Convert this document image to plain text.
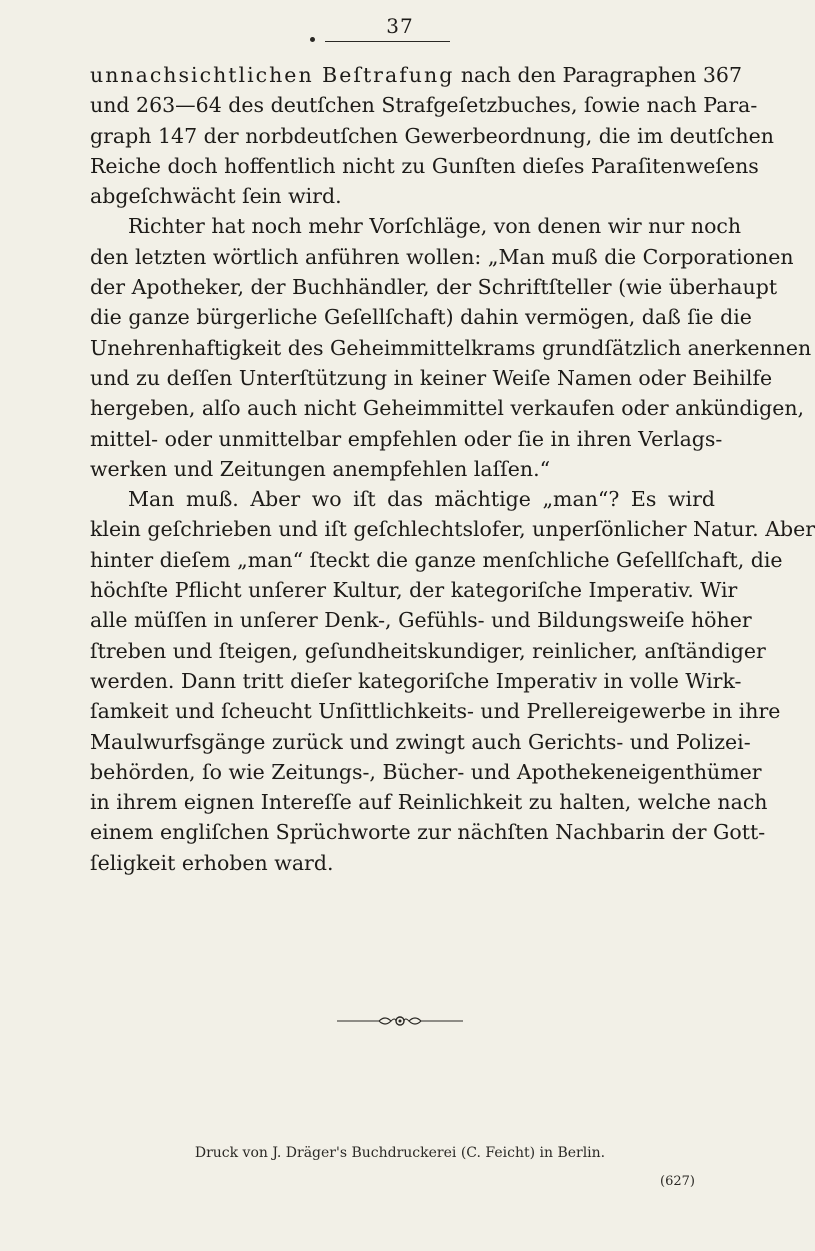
37
unnachsichtlichen Beſtrafung nach den Paragraphen 367
und 263—64 des deutſchen Strafgeſetzbuches, ſowie nach Para-
graph 147 der norbdeutſchen Gewerbeordnung, die im deutſchen
Reiche doch hoffentlich nicht zu Gunſten dieſes Paraſitenweſens
abgeſchwächt ſein wird.
Richter hat noch mehr Vorſchläge, von denen wir nur noch
den letzten wörtlich anführen wollen: „Man muß die Corporationen
der Apotheker, der Buchhändler, der Schriftſteller (wie überhaupt
die ganze bürgerliche Geſellſchaft) dahin vermögen, daß ſie die
Unehrenhaftigkeit des Geheimmittelkrams grundſätzlich anerkennen
und zu deſſen Unterſtützung in keiner Weiſe Namen oder Beihilfe
hergeben, alſo auch nicht Geheimmittel verkaufen oder ankündigen,
mittel- oder unmittelbar empfehlen oder ſie in ihren Verlags-
werken und Zeitungen anempfehlen laſſen.“
Man muß. Aber wo iſt das mächtige „man“? Es wird
klein geſchrieben und iſt geſchlechtslofer, unperſönlicher Natur. Aber
hinter dieſem „man“ ſteckt die ganze menſchliche Geſellſchaft, die
höchſte Pflicht unſerer Kultur, der kategoriſche Imperativ. Wir
alle müſſen in unſerer Denk-, Gefühls- und Bildungsweiſe höher
ſtreben und ſteigen, geſundheitskundiger, reinlicher, anſtändiger
werden. Dann tritt dieſer kategoriſche Imperativ in volle Wirk-
ſamkeit und ſcheucht Unſittlichkeits- und Prellereigewerbe in ihre
Maulwurfsgänge zurück und zwingt auch Gerichts- und Polizei-
behörden, ſo wie Zeitungs-, Bücher- und Apothekeneigenthümer
in ihrem eignen Intereſſe auf Reinlichkeit zu halten, welche nach
einem engliſchen Sprüchworte zur nächſten Nachbarin der Gott-
ſeligkeit erhoben ward.
Druck von J. Dräger's Buchdruckerei (C. Feicht) in Berlin.
(627)
